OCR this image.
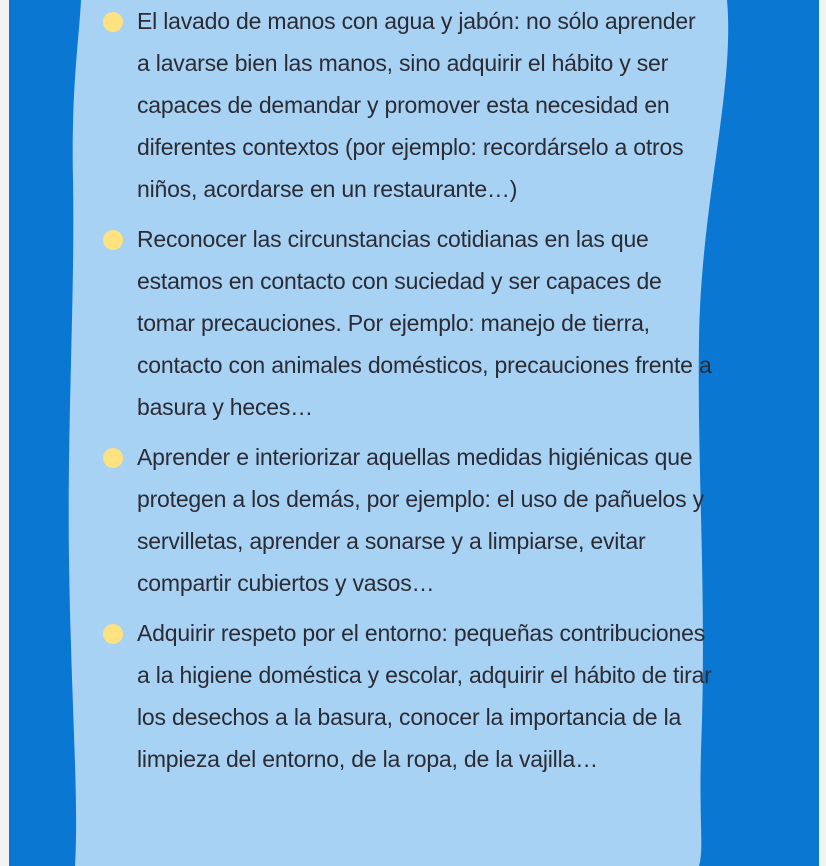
El lavado de manos con agua y jabón: no sólo aprender a lavarse bien las manos, sino adquirir el hábito y ser capaces de demandar y promover esta necesidad en diferentes contextos (por ejemplo: recordárselo a otros niños, acordarse en un restaurante…)
Reconocer las circunstancias cotidianas en las que estamos en contacto con suciedad y ser capaces de tomar precauciones. Por ejemplo: manejo de tierra, contacto con animales domésticos, precauciones frente a basura y heces…
Aprender e interiorizar aquellas medidas higiénicas que protegen a los demás, por ejemplo: el uso de pañuelos y servilletas, aprender a sonarse y a limpiarse, evitar compartir cubiertos y vasos…
Adquirir respeto por el entorno: pequeñas contribuciones a la higiene doméstica y escolar, adquirir el hábito de tirar los desechos a la basura, conocer la importancia de la limpieza del entorno, de la ropa, de la vajilla…
